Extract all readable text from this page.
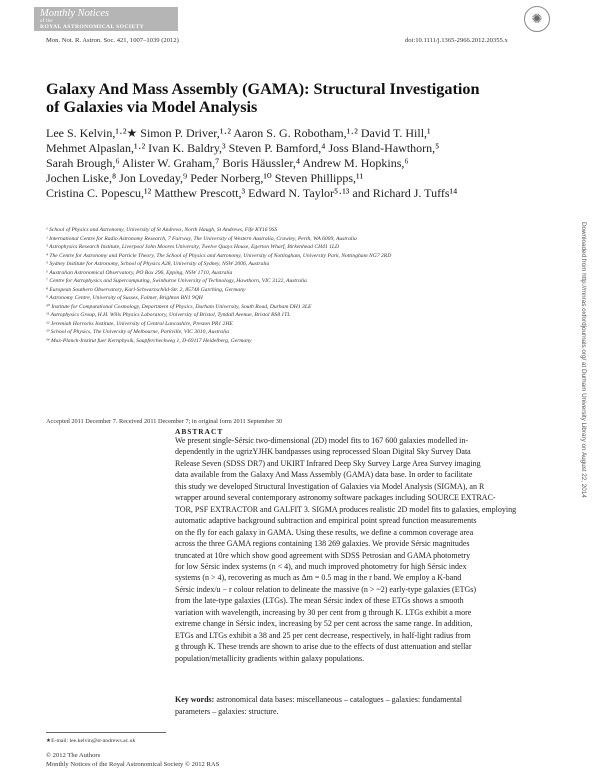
Monthly Notices
of the
ROYAL ASTRONOMICAL SOCIETY
✺
Mon. Not. R. Astron. Soc. 421, 1007–1039 (2012)	doi:10.1111/j.1365-2966.2012.20355.x
Galaxy And Mass Assembly (GAMA): Structural Investigation
of Galaxies via Model Analysis
Lee S. Kelvin,¹·²★ Simon P. Driver,¹·² Aaron S. G. Robotham,¹·² David T. Hill,¹
Mehmet Alpaslan,¹·² Ivan K. Baldry,³ Steven P. Bamford,⁴ Joss Bland-Hawthorn,⁵
Sarah Brough,⁶ Alister W. Graham,⁷ Boris Häussler,⁴ Andrew M. Hopkins,⁶
Jochen Liske,⁸ Jon Loveday,⁹ Peder Norberg,¹⁰ Steven Phillipps,¹¹
Cristina C. Popescu,¹² Matthew Prescott,³ Edward N. Taylor⁵·¹³ and Richard J. Tuffs¹⁴
¹ School of Physics and Astronomy, University of St Andrews, North Haugh, St Andrews, Fife KY16 9SS
² International Centre for Radio Astronomy Research, 7 Fairway, The University of Western Australia, Crawley, Perth, WA 6009, Australia
³ Astrophysics Research Institute, Liverpool John Moores University, Twelve Quays House, Egerton Wharf, Birkenhead CH41 1LD
⁴ The Centre for Astronomy and Particle Theory, The School of Physics and Astronomy, University of Nottingham, University Park, Nottingham NG7 2RD
⁵ Sydney Institute for Astronomy, School of Physics A28, University of Sydney, NSW 2006, Australia
⁶ Australian Astronomical Observatory, PO Box 296, Epping, NSW 1710, Australia
⁷ Centre for Astrophysics and Supercomputing, Swinburne University of Technology, Hawthorn, VIC 3122, Australia
⁸ European Southern Observatory, Karl-Schwarzschild-Str. 2, 85748 Garching, Germany
⁹ Astronomy Centre, University of Sussex, Falmer, Brighton BN1 9QH
¹⁰ Institute for Computational Cosmology, Department of Physics, Durham University, South Road, Durham DH1 3LE
¹¹ Astrophysics Group, H.H. Wills Physics Laboratory, University of Bristol, Tyndall Avenue, Bristol BS8 1TL
¹² Jeremiah Horrocks Institute, University of Central Lancashire, Preston PR1 2HE
¹³ School of Physics, The University of Melbourne, Parkville, VIC 3010, Australia
¹⁴ Max-Planck-Institut fuer Kernphysik, Saupfercheckweg 1, D-69117 Heidelberg, Germany
Accepted 2011 December 7. Received 2011 December 7; in original form 2011 September 30
ABSTRACT
We present single-Sérsic two-dimensional (2D) model fits to 167 600 galaxies modelled in-
dependently in the ugrizYJHK bandpasses using reprocessed Sloan Digital Sky Survey Data
Release Seven (SDSS DR7) and UKIRT Infrared Deep Sky Survey Large Area Survey imaging
data available from the Galaxy And Mass Assembly (GAMA) data base. In order to facilitate
this study we developed Structural Investigation of Galaxies via Model Analysis (SIGMA), an R
wrapper around several contemporary astronomy software packages including SOURCE EXTRAC-
TOR, PSF EXTRACTOR and GALFIT 3. SIGMA produces realistic 2D model fits to galaxies, employing
automatic adaptive background subtraction and empirical point spread function measurements
on the fly for each galaxy in GAMA. Using these results, we define a common coverage area
across the three GAMA regions containing 138 269 galaxies. We provide Sérsic magnitudes
truncated at 10re which show good agreement with SDSS Petrosian and GAMA photometry
for low Sérsic index systems (n < 4), and much improved photometry for high Sérsic index
systems (n > 4), recovering as much as Δm = 0.5 mag in the r band. We employ a K-band
Sérsic index/u − r colour relation to delineate the massive (n > ~2) early-type galaxies (ETGs)
from the late-type galaxies (LTGs). The mean Sérsic index of these ETGs shows a smooth
variation with wavelength, increasing by 30 per cent from g through K. LTGs exhibit a more
extreme change in Sérsic index, increasing by 52 per cent across the same range. In addition,
ETGs and LTGs exhibit a 38 and 25 per cent decrease, respectively, in half-light radius from
g through K. These trends are shown to arise due to the effects of dust attenuation and stellar
population/metallicity gradients within galaxy populations.
Key words: astronomical data bases: miscellaneous – catalogues – galaxies: fundamental
parameters – galaxies: structure.
★E-mail: lee.kelvin@st-andrews.ac.uk
© 2012 The Authors
Monthly Notices of the Royal Astronomical Society © 2012 RAS
Downloaded from http://mnras.oxfordjournals.org/ at Durham University Library on August 22, 2014
